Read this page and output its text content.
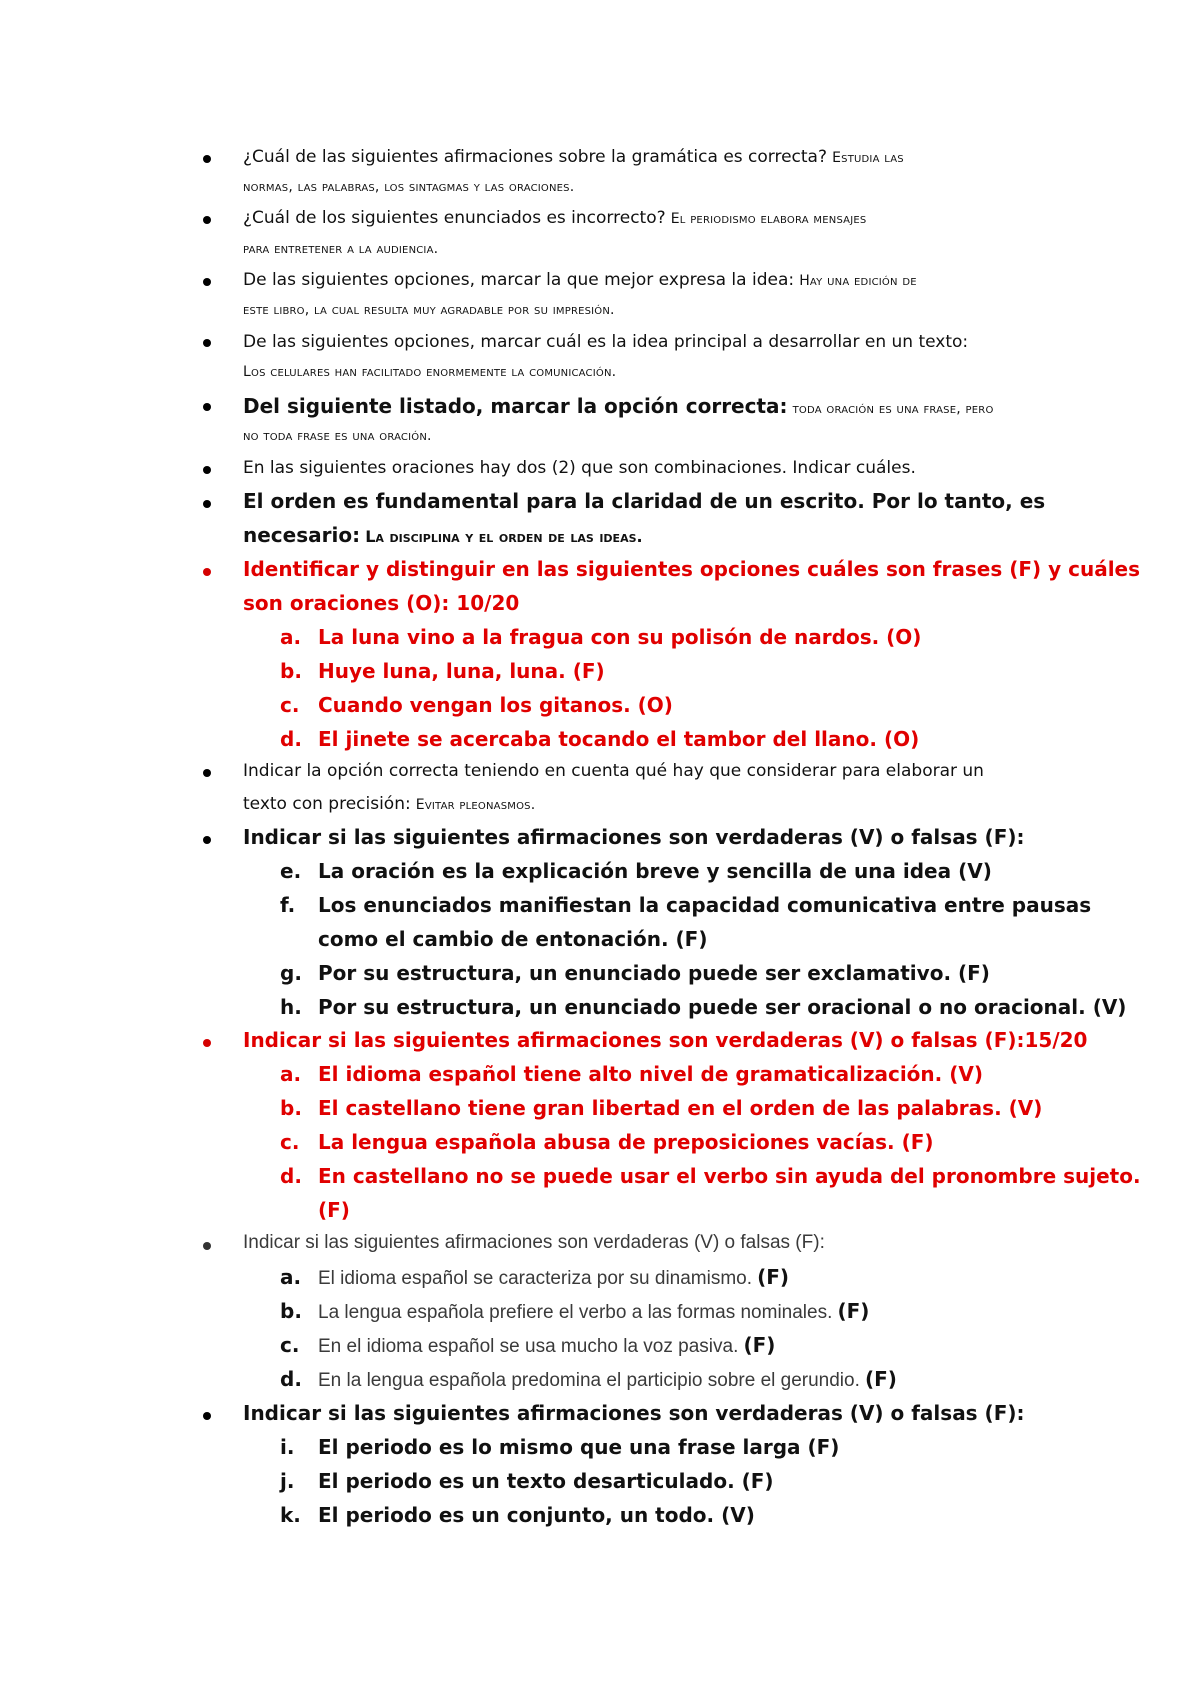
¿Cuál de las siguientes afirmaciones sobre la gramática es correcta? Estudia las
normas, las palabras, los sintagmas y las oraciones.
¿Cuál de los siguientes enunciados es incorrecto? El periodismo elabora mensajes
para entretener a la audiencia.
De las siguientes opciones, marcar la que mejor expresa la idea: Hay una edición de
este libro, la cual resulta muy agradable por su impresión.
De las siguientes opciones, marcar cuál es la idea principal a desarrollar en un texto:
Los celulares han facilitado enormemente la comunicación.
Del siguiente listado, marcar la opción correcta: toda oración es una frase, pero
no toda frase es una oración.
En las siguientes oraciones hay dos (2) que son combinaciones. Indicar cuáles.
El orden es fundamental para la claridad de un escrito. Por lo tanto, es
necesario: La disciplina y el orden de las ideas.
Identificar y distinguir en las siguientes opciones cuáles son frases (F) y cuáles
son oraciones (O): 10/20
a. La luna vino a la fragua con su polisón de nardos. (O)
b. Huye luna, luna, luna. (F)
c. Cuando vengan los gitanos. (O)
d. El jinete se acercaba tocando el tambor del llano. (O)
Indicar la opción correcta teniendo en cuenta qué hay que considerar para elaborar un
texto con precisión: Evitar pleonasmos.
Indicar si las siguientes afirmaciones son verdaderas (V) o falsas (F):
e. La oración es la explicación breve y sencilla de una idea (V)
f. Los enunciados manifiestan la capacidad comunicativa entre pausas
como el cambio de entonación. (F)
g. Por su estructura, un enunciado puede ser exclamativo. (F)
h. Por su estructura, un enunciado puede ser oracional o no oracional. (V)
Indicar si las siguientes afirmaciones son verdaderas (V) o falsas (F):15/20
a. El idioma español tiene alto nivel de gramaticalización. (V)
b. El castellano tiene gran libertad en el orden de las palabras. (V)
c. La lengua española abusa de preposiciones vacías. (F)
d. En castellano no se puede usar el verbo sin ayuda del pronombre sujeto.
(F)
Indicar si las siguientes afirmaciones son verdaderas (V) o falsas (F):
a. El idioma español se caracteriza por su dinamismo. (F)
b. La lengua española prefiere el verbo a las formas nominales. (F)
c. En el idioma español se usa mucho la voz pasiva. (F)
d. En la lengua española predomina el participio sobre el gerundio. (F)
Indicar si las siguientes afirmaciones son verdaderas (V) o falsas (F):
i. El periodo es lo mismo que una frase larga (F)
j. El periodo es un texto desarticulado. (F)
k. El periodo es un conjunto, un todo. (V)
